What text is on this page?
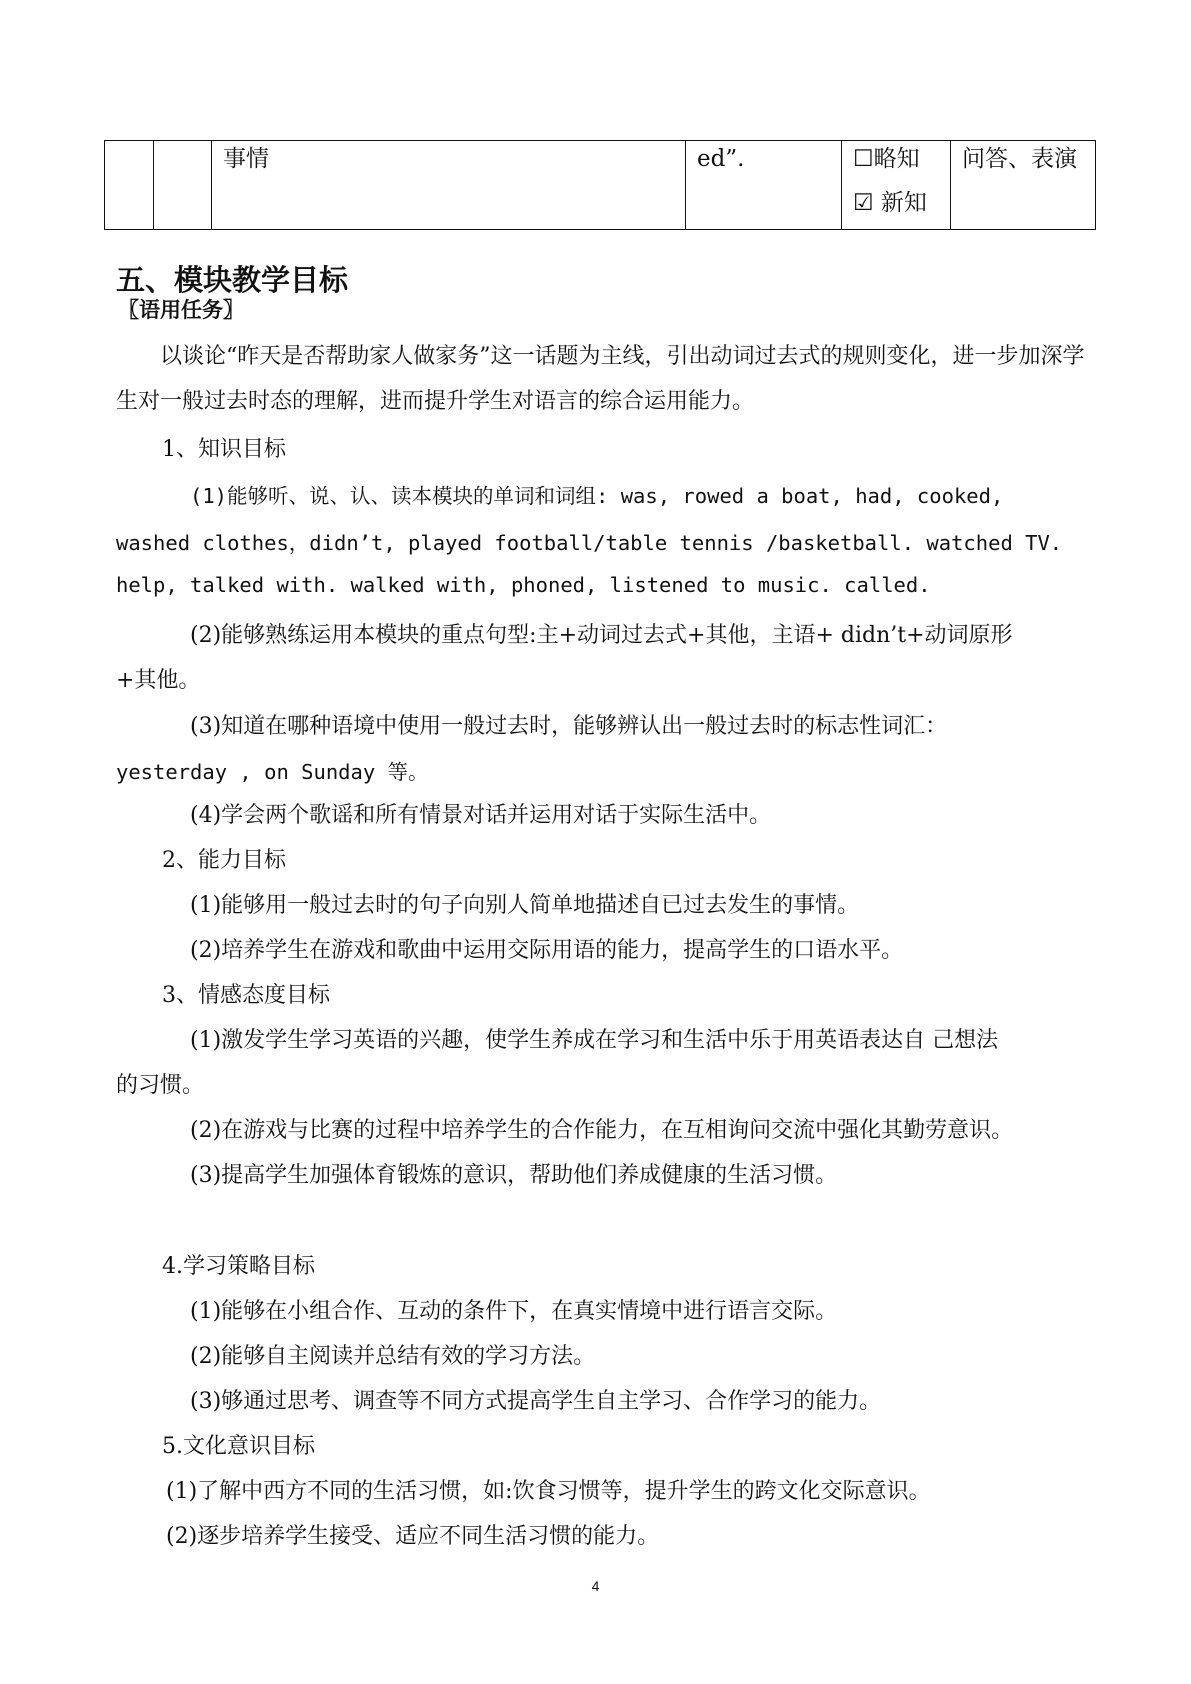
事情	ed”.	☐略知
☑ 新知
问答、表演
五、模块教学目标
〖语用任务〗

以谈论“昨天是否帮助家人做家务”这一话题为主线，引出动词过去式的规则变化，进一步加深学生对一般过去时态的理解，进而提升学生对语言的综合运用能力。

1、知识目标

(1)能够听、说、认、读本模块的单词和词组: was, rowed a boat, had, cooked,

washed clothes，didn’t, played football/table tennis /basketball. watched TV.

help, talked with. walked with, phoned, listened to music. called.

(2)能够熟练运用本模块的重点句型:主+动词过去式+其他，主语+ didn’t+动词原形

+其他。

(3)知道在哪种语境中使用一般过去时，能够辨认出一般过去时的标志性词汇：

yesterday , on Sunday 等。

(4)学会两个歌谣和所有情景对话并运用对话于实际生活中。

2、能力目标

(1)能够用一般过去时的句子向别人简单地描述自已过去发生的事情。

(2)培养学生在游戏和歌曲中运用交际用语的能力，提高学生的口语水平。

3、情感态度目标

(1)激发学生学习英语的兴趣，使学生养成在学习和生活中乐于用英语表达自 己想法

的习惯。

(2)在游戏与比赛的过程中培养学生的合作能力，在互相询问交流中强化其勤劳意识。

(3)提高学生加强体育锻炼的意识，帮助他们养成健康的生活习惯。

4.学习策略目标

(1)能够在小组合作、互动的条件下，在真实情境中进行语言交际。

(2)能够自主阅读并总结有效的学习方法。

(3)够通过思考、调查等不同方式提高学生自主学习、合作学习的能力。

5.文化意识目标

(1)了解中西方不同的生活习惯，如:饮食习惯等，提升学生的跨文化交际意识。

(2)逐步培养学生接受、适应不同生活习惯的能力。

4
